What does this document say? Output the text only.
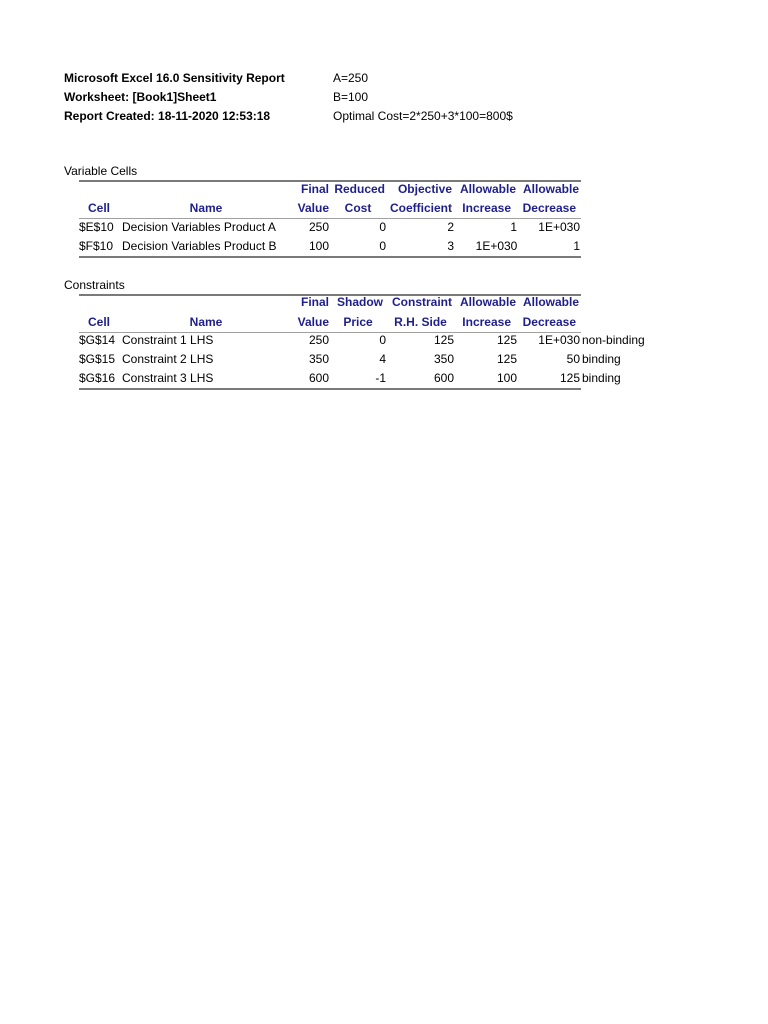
Microsoft Excel 16.0 Sensitivity Report
Worksheet: [Book1]Sheet1
Report Created: 18-11-2020 12:53:18
A=250
B=100
Optimal Cost=2*250+3*100=800$
Variable Cells
Final Reduced	Objective Allowable Allowable
Cell	Name	Value	Cost	Coefficient Increase Decrease
$E$10 Decision Variables Product A	250	0	2	1	1E+030
$F$10 Decision Variables Product B	100	0	3	1E+030	1
Constraints
Final Shadow Constraint Allowable Allowable
Cell	Name	Value	Price	R.H. Side	Increase Decrease
$G$14 Constraint 1 LHS	250	0	125	125	1E+030 non-binding
$G$15 Constraint 2 LHS	350	4	350	125	50 binding
$G$16 Constraint 3 LHS	600	-1	600	100	125 binding
